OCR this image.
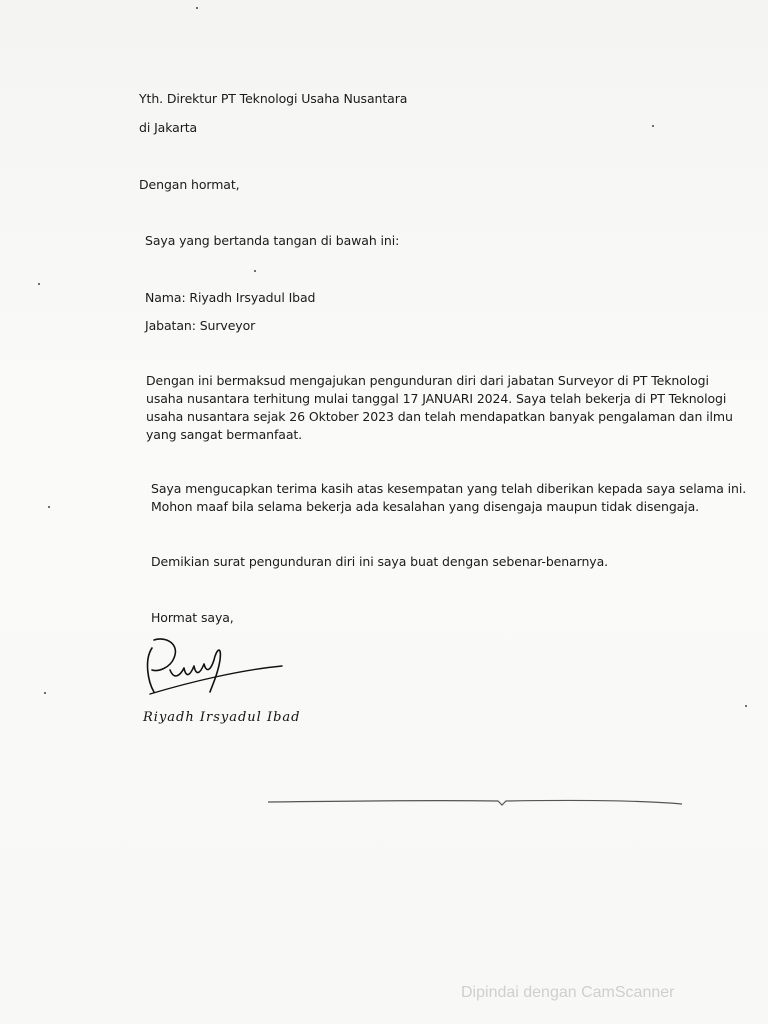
Yth. Direktur PT Teknologi Usaha Nusantara
di Jakarta
Dengan hormat,
Saya yang bertanda tangan di bawah ini:
Nama: Riyadh Irsyadul Ibad
Jabatan: Surveyor
Dengan ini bermaksud mengajukan pengunduran diri dari jabatan Surveyor di PT Teknologi
usaha nusantara terhitung mulai tanggal 17 JANUARI 2024. Saya telah bekerja di PT Teknologi
usaha nusantara sejak 26 Oktober 2023 dan telah mendapatkan banyak pengalaman dan ilmu
yang sangat bermanfaat.
Saya mengucapkan terima kasih atas kesempatan yang telah diberikan kepada saya selama ini.
Mohon maaf bila selama bekerja ada kesalahan yang disengaja maupun tidak disengaja.
Demikian surat pengunduran diri ini saya buat dengan sebenar-benarnya.
Hormat saya,
Riyadh Irsyadul Ibad
Dipindai dengan CamScanner
